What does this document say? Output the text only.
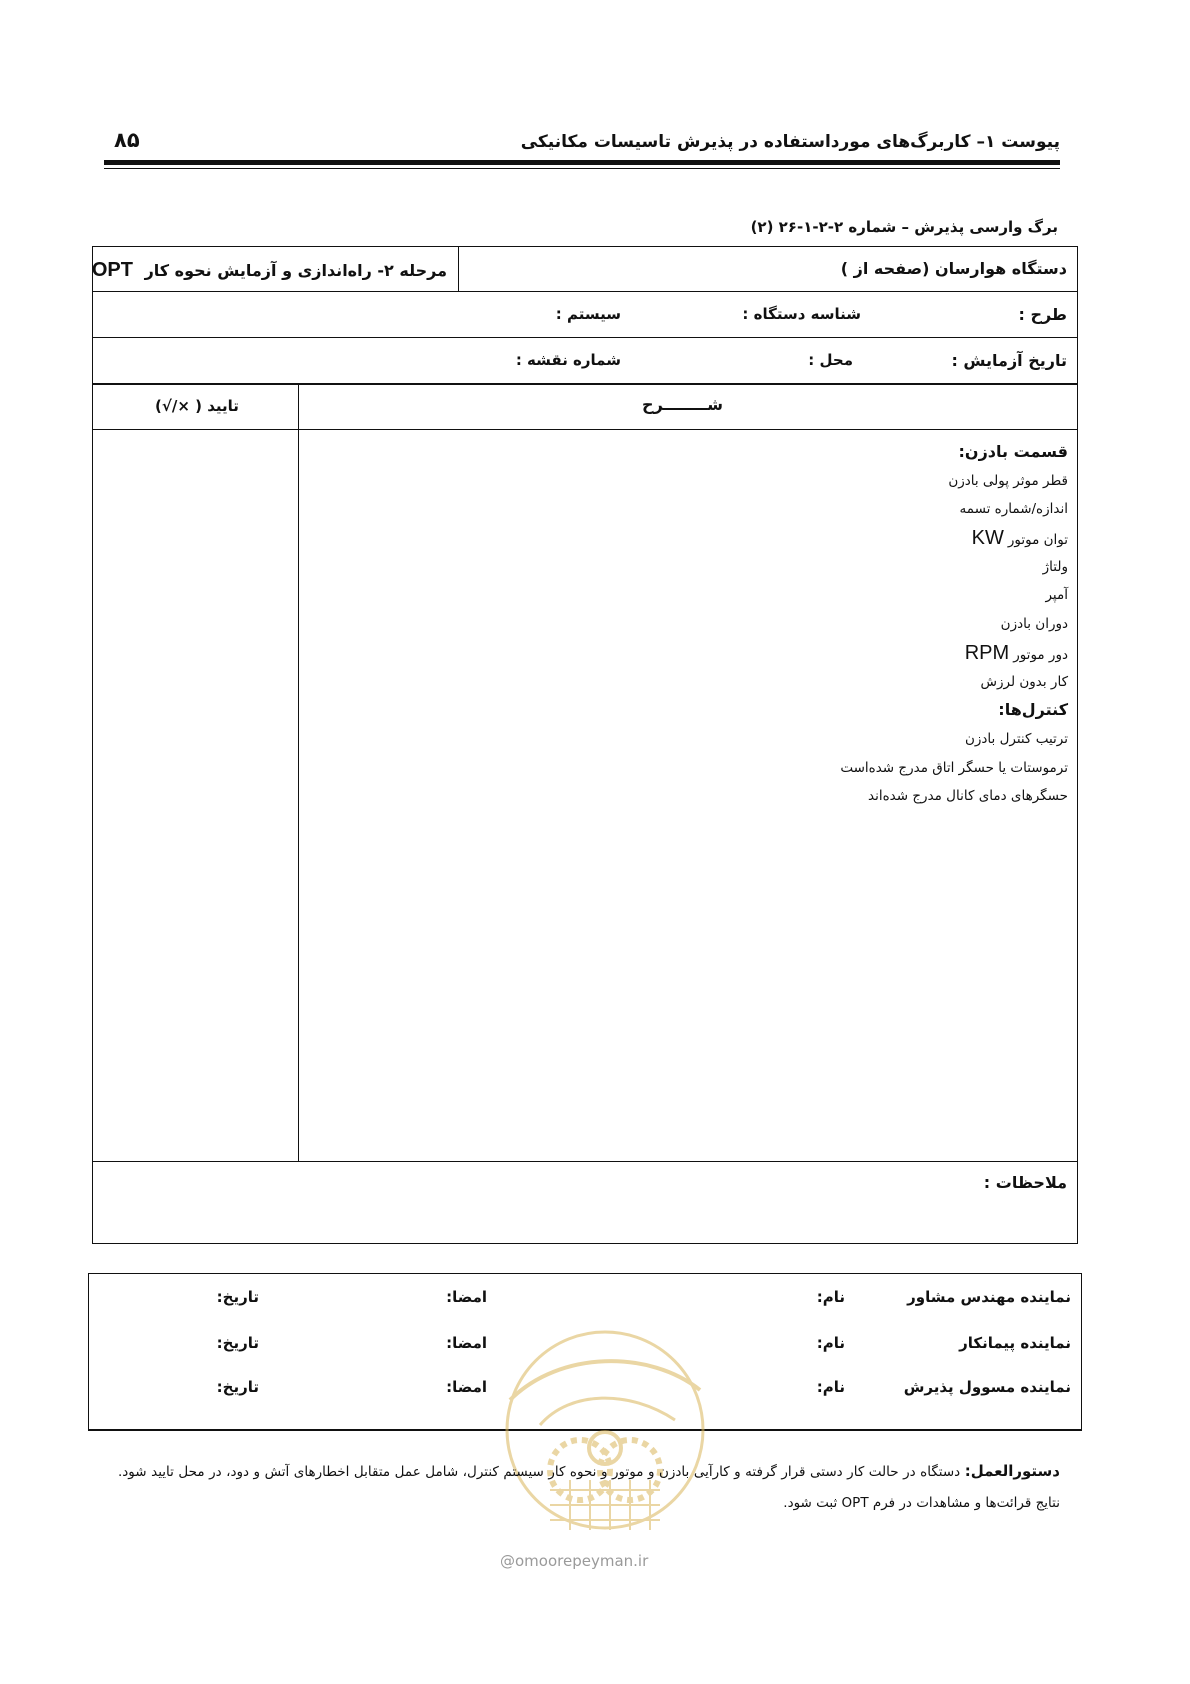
۸۵	پیوست ۱– کاربرگ‌های مورداستفاده در پذیرش تاسیسات مکانیکی
برگ وارسی پذیرش – شماره ۲-۲-۱-۲۶ (۲)
دستگاه هوارسان (صفحه از )
مرحله ۲- راه‌اندازی و آزمایش نحوه کار OPT
طرح :
شناسه دستگاه :
سیستم :
تاریخ آزمایش :
محل :
شماره نقشه :
شــــــــرح
تایید ( ×/√)
ملاحظات :
قسمت بادزن:
قطر موثر پولی بادزن
اندازه/شماره تسمه
توان موتورKW
ولتاژ
آمپر
دوران بادزن
دور موتورRPM
کار بدون لرزش
کنترل‌ها:
ترتیب کنترل بادزن
ترموستات یا حسگر اتاق مدرج شده‌است
حسگرهای دمای کانال مدرج شده‌اند
نماینده مهندس مشاور
نام:
امضا:
تاریخ:
نماینده پیمانکار
نام:
امضا:
تاریخ:
نماینده مسوول پذیرش
نام:
امضا:
تاریخ:
@omoorepeyman.ir
دستورالعمل: دستگاه در حالت کار دستی قرار گرفته و کارآیی بادزن و موتور و نحوه کار سیستم کنترل، شامل عمل متقابل اخطارهای آتش و دود، در محل تایید شود. نتایج قرائت‌ها و مشاهدات در فرم OPT ثبت شود.
